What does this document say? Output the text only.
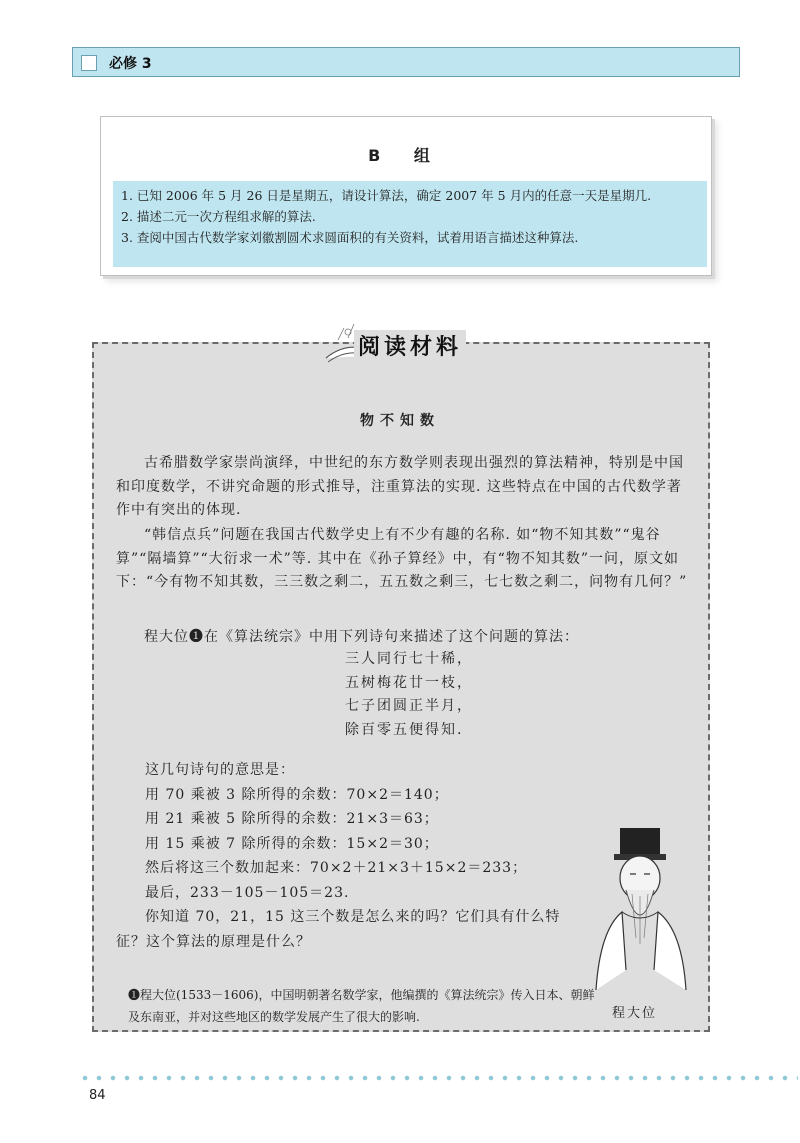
必修 3
B 组
1. 已知 2006 年 5 月 26 日是星期五，请设计算法，确定 2007 年 5 月内的任意一天是星期几.
2. 描述二元一次方程组求解的算法.
3. 查阅中国古代数学家刘徽割圆术求圆面积的有关资料，试着用语言描述这种算法.
阅读材料
物不知数
古希腊数学家崇尚演绎，中世纪的东方数学则表现出强烈的算法精神，特别是中国和印度数学，不讲究命题的形式推导，注重算法的实现. 这些特点在中国的古代数学著作中有突出的体现.
“韩信点兵”问题在我国古代数学史上有不少有趣的名称. 如“物不知其数”“鬼谷算”“隔墙算”“大衍求一术”等. 其中在《孙子算经》中，有“物不知其数”一问，原文如下：“今有物不知其数，三三数之剩二，五五数之剩三，七七数之剩二，问物有几何？”
程大位❶在《算法统宗》中用下列诗句来描述了这个问题的算法：
三人同行七十稀，
五树梅花廿一枝，
七子团圆正半月，
除百零五便得知.
这几句诗句的意思是：
用 70 乘被 3 除所得的余数：70×2＝140；
用 21 乘被 5 除所得的余数：21×3＝63；
用 15 乘被 7 除所得的余数：15×2＝30；
然后将这三个数加起来：70×2＋21×3＋15×2＝233；
最后，233－105－105＝23.
你知道 70，21，15 这三个数是怎么来的吗？它们具有什么特
征？这个算法的原理是什么？
❶程大位(1533－1606)，中国明朝著名数学家，他编撰的《算法统宗》传入日本、朝鲜及东南亚，并对这些地区的数学发展产生了很大的影响.	程大位
84
